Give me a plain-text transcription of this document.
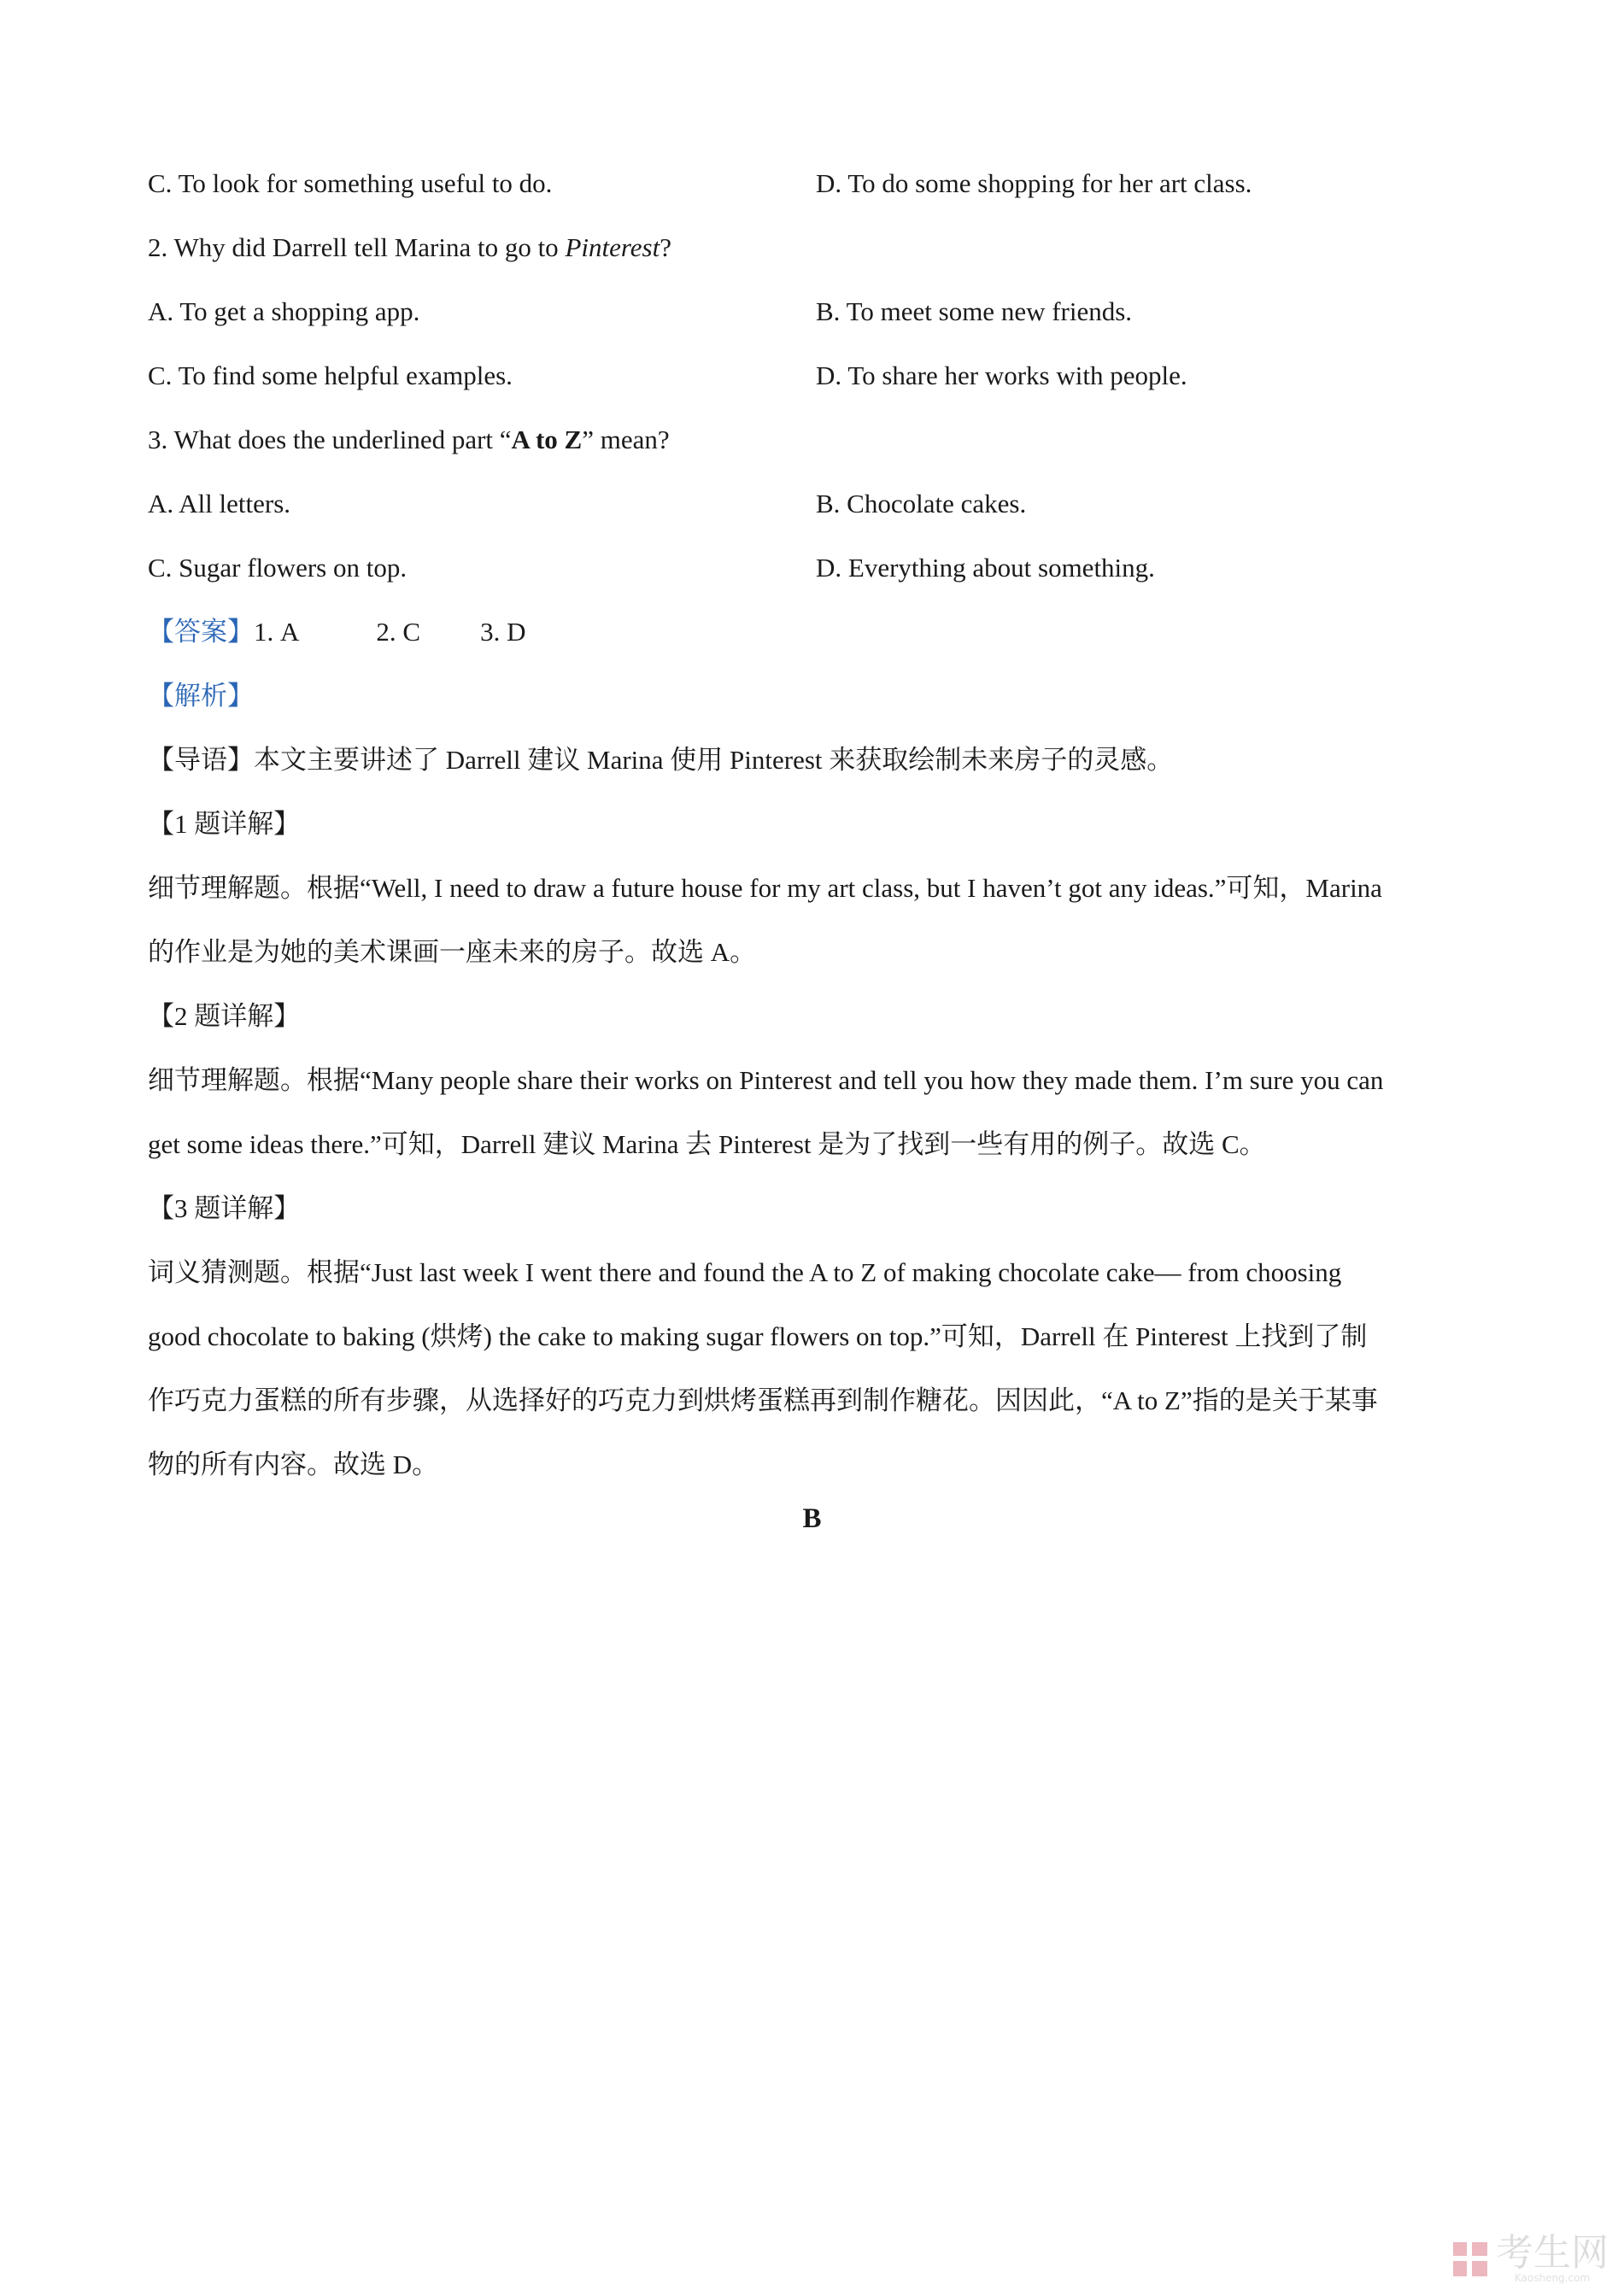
C. To look for something useful to do.	D. To do some shopping for her art class.
2. Why did Darrell tell Marina to go to Pinterest?
A. To get a shopping app.	B. To meet some new friends.
C. To find some helpful examples.	D. To share her works with people.
3. What does the underlined part “A to Z” mean?
A. All letters.	B. Chocolate cakes.
C. Sugar flowers on top.	D. Everything about something.
【答案】1. A	2. C 3. D
【解析】
【导语】本文主要讲述了 Darrell 建议 Marina 使用 Pinterest 来获取绘制未来房子的灵感。
【1 题详解】
细节理解题。根据“Well, I need to draw a future house for my art class, but I haven’t got any ideas.”可知，Marina
的作业是为她的美术课画一座未来的房子。故选 A。
【2 题详解】
细节理解题。根据“Many people share their works on Pinterest and tell you how they made them. I’m sure you can
get some ideas there.”可知，Darrell 建议 Marina 去 Pinterest 是为了找到一些有用的例子。故选 C。
【3 题详解】
词义猜测题。根据“Just last week I went there and found the A to Z of making chocolate cake— from choosing
good chocolate to baking (烘烤) the cake to making sugar flowers on top.”可知，Darrell 在 Pinterest 上找到了制
作巧克力蛋糕的所有步骤，从选择好的巧克力到烘烤蛋糕再到制作糖花。因因此，“A to Z”指的是关于某事
物的所有内容。故选 D。
B
考生网
Kaosheng.com
